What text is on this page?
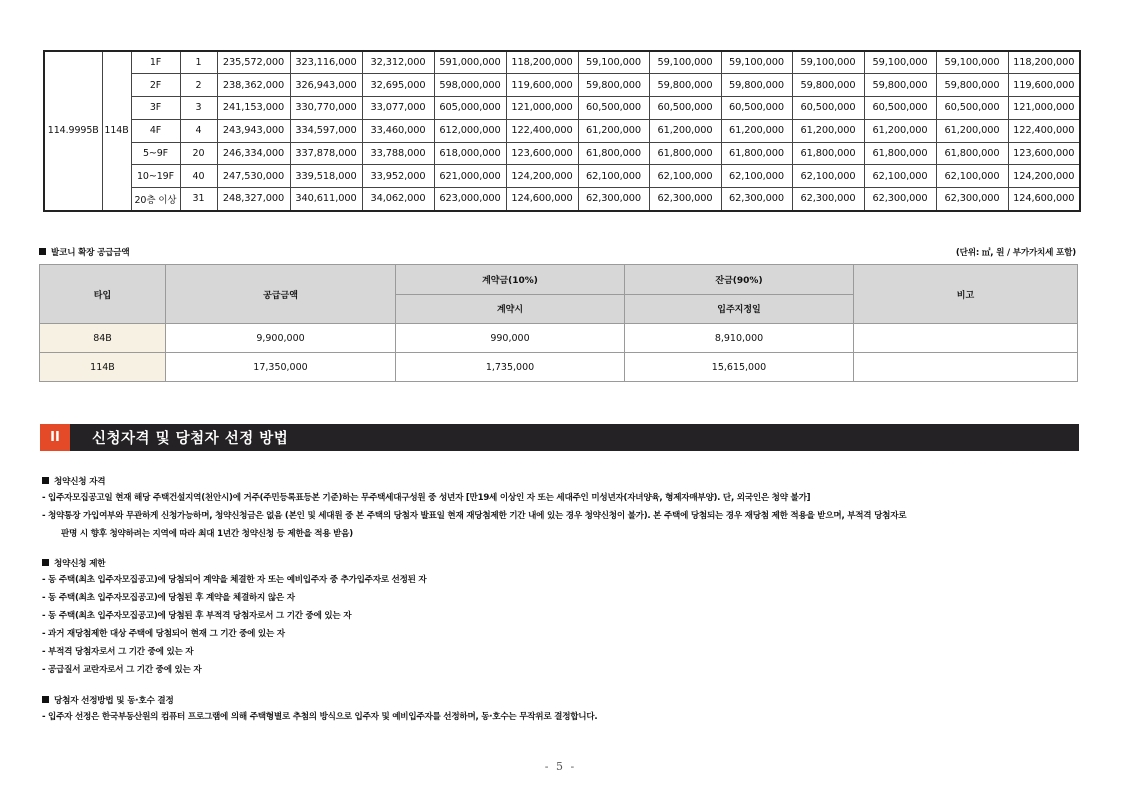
114.9995B	114B	1F	1	235,572,000	323,116,000	32,312,000	591,000,000	118,200,000	59,100,000	59,100,000	59,100,000	59,100,000	59,100,000	59,100,000	118,200,000
		2F	2	238,362,000	326,943,000	32,695,000	598,000,000	119,600,000	59,800,000	59,800,000	59,800,000	59,800,000	59,800,000	59,800,000	119,600,000
		3F	3	241,153,000	330,770,000	33,077,000	605,000,000	121,000,000	60,500,000	60,500,000	60,500,000	60,500,000	60,500,000	60,500,000	121,000,000
		4F	4	243,943,000	334,597,000	33,460,000	612,000,000	122,400,000	61,200,000	61,200,000	61,200,000	61,200,000	61,200,000	61,200,000	122,400,000
		5~9F	20	246,334,000	337,878,000	33,788,000	618,000,000	123,600,000	61,800,000	61,800,000	61,800,000	61,800,000	61,800,000	61,800,000	123,600,000
		10~19F	40	247,530,000	339,518,000	33,952,000	621,000,000	124,200,000	62,100,000	62,100,000	62,100,000	62,100,000	62,100,000	62,100,000	124,200,000
		20층 이상	31	248,327,000	340,611,000	34,062,000	623,000,000	124,600,000	62,300,000	62,300,000	62,300,000	62,300,000	62,300,000	62,300,000	124,600,000
발코니 확장 공급금액	(단위: ㎡, 원 / 부가가치세 포함)
타입	공급금액	계약금(10%)	잔금(90%)	비고
		계약시	입주지정일	
84B	9,900,000	990,000	8,910,000	
114B	17,350,000	1,735,000	15,615,000	
II	신청자격 및 당첨자 선정 방법
청약신청 자격
- 입주자모집공고일 현재 해당 주택건설지역(천안시)에 거주(주민등록표등본 기준)하는 무주택세대구성원 중 성년자 [만19세 이상인 자 또는 세대주인 미성년자(자녀양육, 형제자매부양). 단, 외국인은 청약 불가]
- 청약통장 가입여부와 무관하게 신청가능하며, 청약신청금은 없음 (본인 및 세대원 중 본 주택의 당첨자 발표일 현재 재당첨제한 기간 내에 있는 경우 청약신청이 불가). 본 주택에 당첨되는 경우 재당첨 제한 적용을 받으며, 부적격 당첨자로
판명 시 향후 청약하려는 지역에 따라 최대 1년간 청약신청 등 제한을 적용 받음)
청약신청 제한
- 동 주택(최초 입주자모집공고)에 당첨되어 계약을 체결한 자 또는 예비입주자 중 추가입주자로 선정된 자
- 동 주택(최초 입주자모집공고)에 당첨된 후 계약을 체결하지 않은 자
- 동 주택(최초 입주자모집공고)에 당첨된 후 부적격 당첨자로서 그 기간 중에 있는 자
- 과거 재당첨제한 대상 주택에 당첨되어 현재 그 기간 중에 있는 자
- 부적격 당첨자로서 그 기간 중에 있는 자
- 공급질서 교란자로서 그 기간 중에 있는 자
당첨자 선정방법 및 동·호수 결정
- 입주자 선정은 한국부동산원의 컴퓨터 프로그램에 의해 주택형별로 추첨의 방식으로 입주자 및 예비입주자를 선정하며, 동·호수는 무작위로 결정합니다.
- 5 -
